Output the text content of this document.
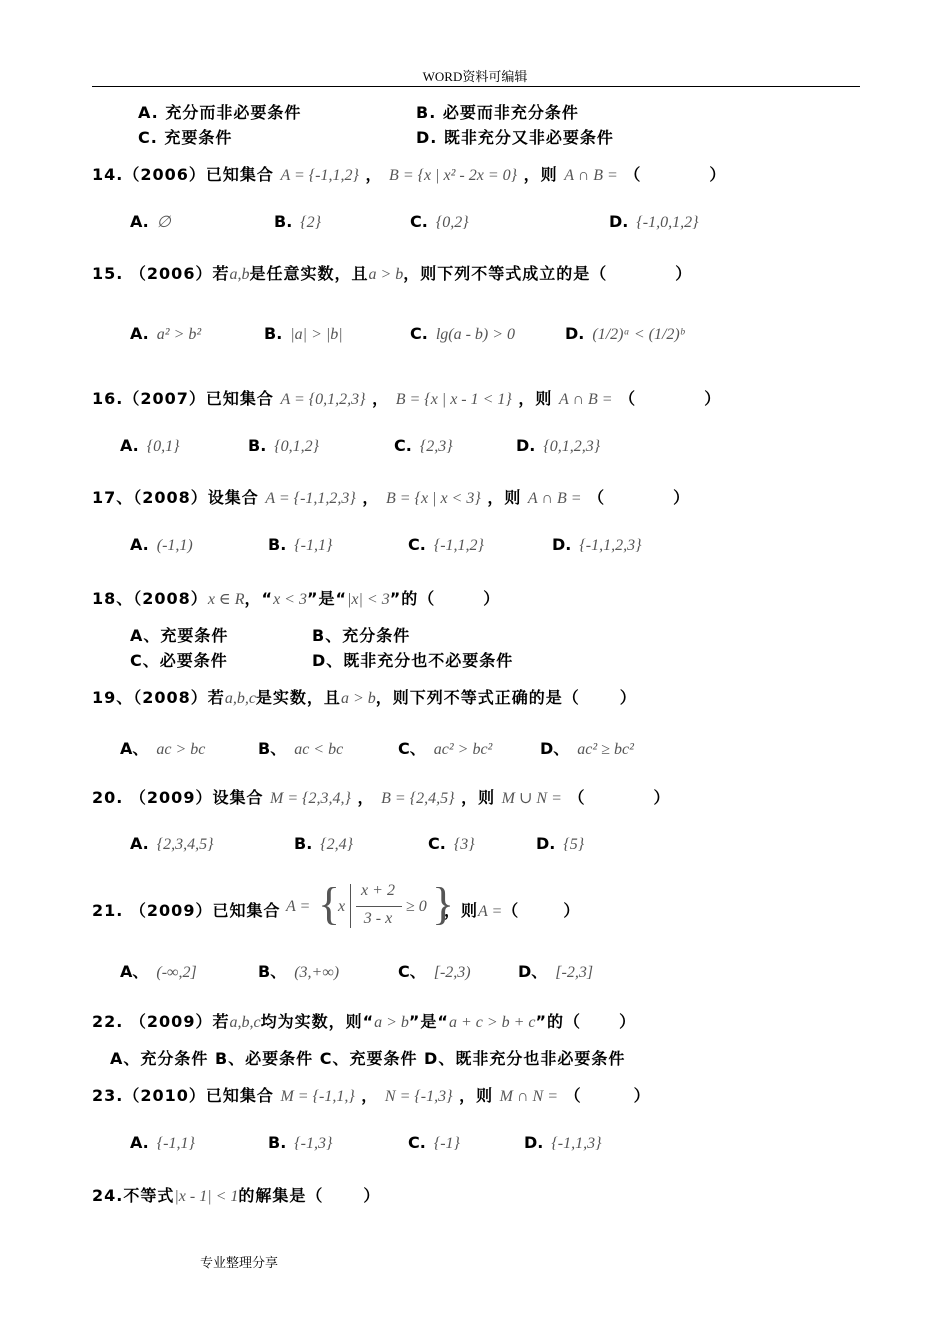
WORD资料可编辑
A. 充分而非必要条件	B. 必要而非充分条件
C. 充要条件	D. 既非充分又非必要条件
14.（2006）已知集合 A = {-1,1,2} ， B = {x | x² - 2x = 0} ，则 A ∩ B = （	）
A. ∅	B. {2}	C. {0,2}	D. {-1,0,1,2}
15. （2006）若a,b是任意实数，且a > b，则下列不等式成立的是（	）
A. a² > b²	B. |a| > |b|	C. lg(a - b) > 0	D. (1/2)ᵃ < (1/2)ᵇ
16.（2007）已知集合 A = {0,1,2,3} ， B = {x | x - 1 < 1} ，则 A ∩ B = （	）
A. {0,1}	B. {0,1,2}	C. {2,3}	D. {0,1,2,3}
17、（2008）设集合 A = {-1,1,2,3} ， B = {x | x < 3} ，则 A ∩ B = （	）
A. (-1,1)	B. {-1,1}	C. {-1,1,2}	D. {-1,1,2,3}
18、（2008）x ∈ R，“x < 3”是“|x| < 3”的（	）
A、充要条件	B、充分条件
C、必要条件	D、既非充分也不必要条件
19、（2008）若a,b,c是实数，且a > b，则下列不等式正确的是（	）
A、 ac > bc	B、 ac < bc	C、 ac² > bc²	D、 ac² ≥ bc²
20. （2009）设集合 M = {2,3,4,} ， B = {2,4,5} ，则 M ∪ N = （	）
A. {2,3,4,5}	B. {2,4}	C. {3}	D. {5}
21. （2009）已知集合 A = {
x
x + 2
3 - x
≥ 0 }
，则A =（	）
A、 (-∞,2]	B、 (3,+∞)	C、 [-2,3)	D、 [-2,3]
22. （2009）若a,b,c均为实数，则“a > b”是“a + c > b + c”的（ ）
A、充分条件 B、必要条件 C、充要条件 D、既非充分也非必要条件
23.（2010）已知集合 M = {-1,1,} ， N = {-1,3} ，则 M ∩ N = （	）
A. {-1,1}	B. {-1,3}	C. {-1}	D. {-1,1,3}
24.不等式|x - 1| < 1的解集是（	）
专业整理分享
